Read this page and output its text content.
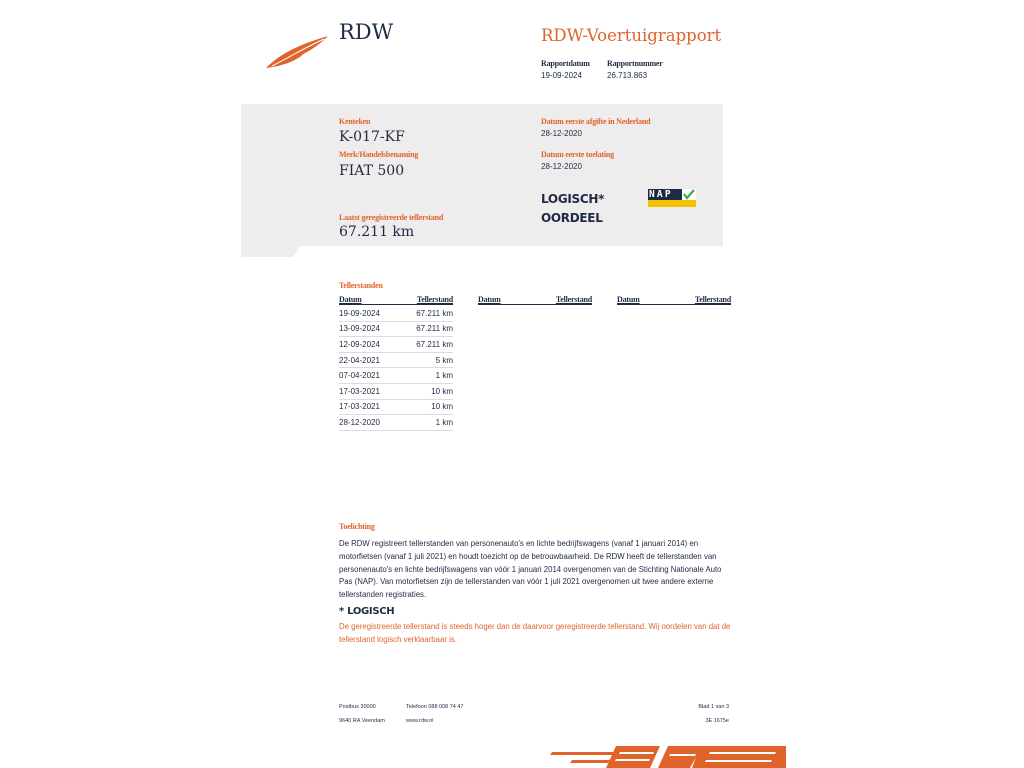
RDW	RDW-Voertuigrapport
Rapportdatum
19-09-2024
Rapportnummer
26.713.863
Kenteken
K-017-KF
Merk/Handelsbenaming
FIAT 500
Laatst geregistreerde tellerstand
67.211 km
Datum eerste afgifte in Nederland
28-12-2020
Datum eerste toelating
28-12-2020
LOGISCH*
OORDEEL
NAP
Tellerstanden
Datum	Tellerstand
19-09-2024	67.211 km
13-09-2024	67.211 km
12-09-2024	67.211 km
22-04-2021	5 km
07-04-2021	1 km
17-03-2021	10 km
17-03-2021	10 km
28-12-2020	1 km
Datum	Tellerstand	Datum	Tellerstand
Toelichting
De RDW registreert tellerstanden van personenauto's en lichte bedrijfswagens (vanaf 1 januari 2014) en motorfietsen (vanaf 1 juli 2021) en houdt toezicht op de betrouwbaarheid. De RDW heeft de tellerstanden van personenauto's en lichte bedrijfswagens van vóór 1 januari 2014 overgenomen van de Stichting Nationale Auto Pas (NAP). Van motorfietsen zijn de tellerstanden van vóór 1 juli 2021 overgenomen uit twee andere externe tellerstanden registraties.
* LOGISCH
De geregistreerde tellerstand is steeds hoger dan de daarvoor geregistreerde tellerstand. Wij oordelen van dat de tellerstand logisch verklaarbaar is.
Postbus 30000
9640 RA Veendam
Telefoon 088 008 74 47
www.rdw.nl
Blad 1 van 3
3E 1675e
